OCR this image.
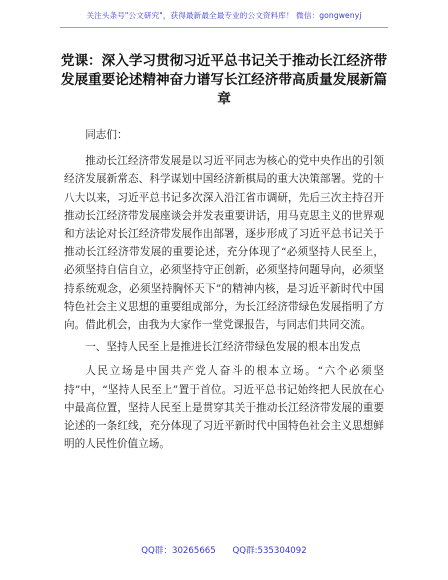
关注头条号"公文研究"，获得最新最全最专业的公文资料库！ 微信：gongwenyj
党课：深入学习贯彻习近平总书记关于推动长江经济带发展重要论述精神奋力谱写长江经济带高质量发展新篇章

同志们：

推动长江经济带发展是以习近平同志为核心的党中央作出的引领经济发展新常态、科学谋划中国经济新棋局的重大决策部署。党的十八大以来，习近平总书记多次深入沿江省市调研，先后三次主持召开推动长江经济带发展座谈会并发表重要讲话，用马克思主义的世界观和方法论对长江经济带发展作出部署，逐步形成了习近平总书记关于推动长江经济带发展的重要论述，充分体现了“必须坚持人民至上，必须坚持自信自立，必须坚持守正创新，必须坚持问题导向，必须坚持系统观念，必须坚持胸怀天下”的精神内核，是习近平新时代中国特色社会主义思想的重要组成部分，为长江经济带绿色发展指明了方向。借此机会，由我为大家作一堂党课报告，与同志们共同交流。

一、坚持人民至上是推进长江经济带绿色发展的根本出发点

人民立场是中国共产党人奋斗的根本立场。“六个必须坚持”中，“坚持人民至上”置于首位。习近平总书记始终把人民放在心中最高位置，坚持人民至上是贯穿其关于推动长江经济带发展的重要论述的一条红线，充分体现了习近平新时代中国特色社会主义思想鲜明的人民性价值立场。

QQ群：30265665 QQ群:535304092
